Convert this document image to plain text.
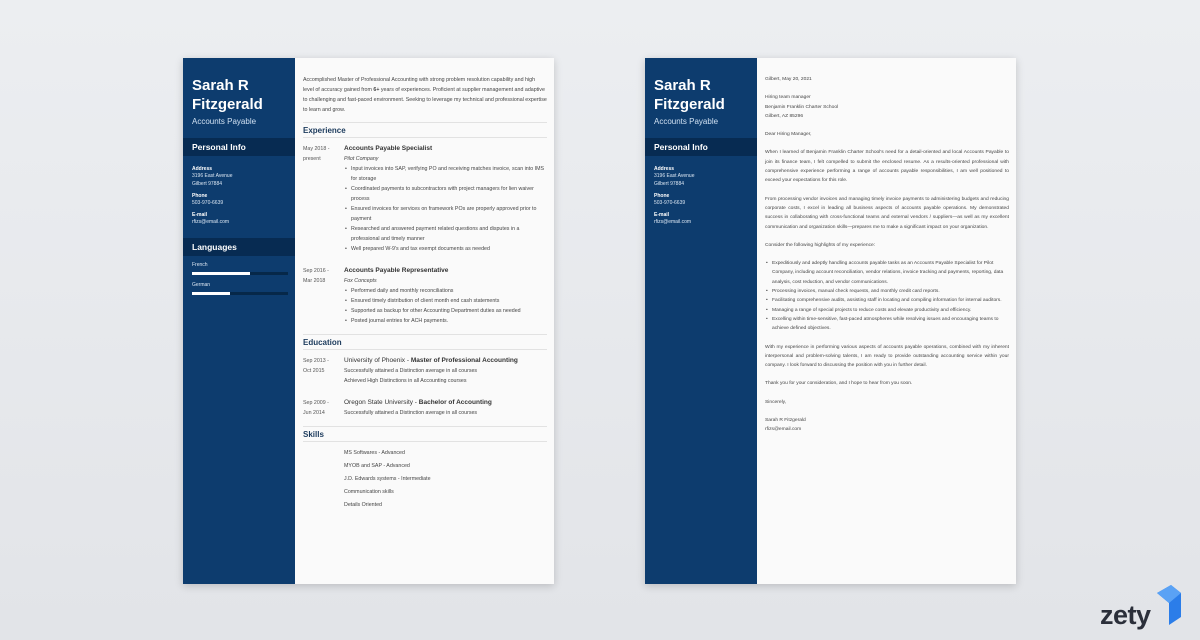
Sarah R
Fitzgerald
Accounts Payable
Personal Info
Address
3196 East Avenue
Gilbert 97884
Phone
503-970-6639
E-mail
rfizs@email.com
Languages
French
German
Accomplished Master of Professional Accounting with strong problem resolution capability and high level of accuracy gained from 6+ years of experiences. Proficient at supplier management and adaptive to challenging and fast-paced environment. Seeking to leverage my technical and professional expertise to learn and grow.
Experience
May 2018 -
present
Accounts Payable Specialist
Pilot Company
• Input invoices into SAP, verifying PO and receiving matches invoice, scan into IMS for storage
• Coordinated payments to subcontractors with project managers for lien waiver process
• Ensured invoices for services on framework POs are properly approved prior to payment
• Researched and answered payment related questions and disputes in a professional and timely manner
• Well prepared W-9's and tax exempt documents as needed
Sep 2016 -
Mar 2018
Accounts Payable Representative
Fox Concepts
• Performed daily and monthly reconciliations
• Ensured timely distribution of client month end cash statements
• Supported as backup for other Accounting Department duties as needed
• Posted journal entries for ACH payments.
Education
Sep 2013 -
Oct 2015
University of Phoenix - Master of Professional Accounting
Successfully attained a Distinction average in all courses
Achieved High Distinctions in all Accounting courses
Sep 2009 -
Jun 2014
Oregon State University - Bachelor of Accounting
Successfully attained a Distinction average in all courses
Skills
MS Softwares - Advanced
MYOB and SAP - Advanced
J.D. Edwards systems - Intermediate
Communication skills
Details Oriented
Sarah R
Fitzgerald
Accounts Payable
Personal Info
Address
3196 East Avenue
Gilbert 97884
Phone
503-970-6639
E-mail
rfizs@email.com

Gilbert, May 20, 2021

Hiring team manager
Benjamin Franklin Charter School
Gilbert, AZ 85296

Dear Hiring Manager,

When I learned of Benjamin Franklin Charter School's need for a detail-oriented and local Accounts Payable to join its finance team, I felt compelled to submit the enclosed resume. As a results-oriented professional with comprehensive experience performing a range of accounts payable responsibilities, I am well positioned to exceed your expectations for this role.

From processing vendor invoices and managing timely invoice payments to administering budgets and reducing corporate costs, I excel in leading all business aspects of accounts payable operations. My demonstrated success in collaborating with cross-functional teams and external vendors / suppliers—as well as my excellent communication and organization skills—prepares me to make a significant impact on your organization.

Consider the following highlights of my experience:

• Expeditiously and adeptly handling accounts payable tasks as an Accounts Payable Specialist for Pilot Company, including account reconciliation, vendor relations, invoice tracking and payments, reporting, data analysis, cost reduction, and vendor communications.
• Processing invoices, manual check requests, and monthly credit card reports.
• Facilitating comprehensive audits, assisting staff in locating and compiling information for internal auditors.
• Managing a range of special projects to reduce costs and elevate productivity and efficiency.
• Excelling within time-sensitive, fast-paced atmospheres while resolving issues and encouraging teams to achieve defined objectives.

With my experience in performing various aspects of accounts payable operations, combined with my inherent interpersonal and problem-solving talents, I am ready to provide outstanding accounting service within your company. I look forward to discussing the position with you in further detail.

Thank you for your consideration, and I hope to hear from you soon.

Sincerely,

Sarah R Fitzgerald
rfizs@email.com

zety
